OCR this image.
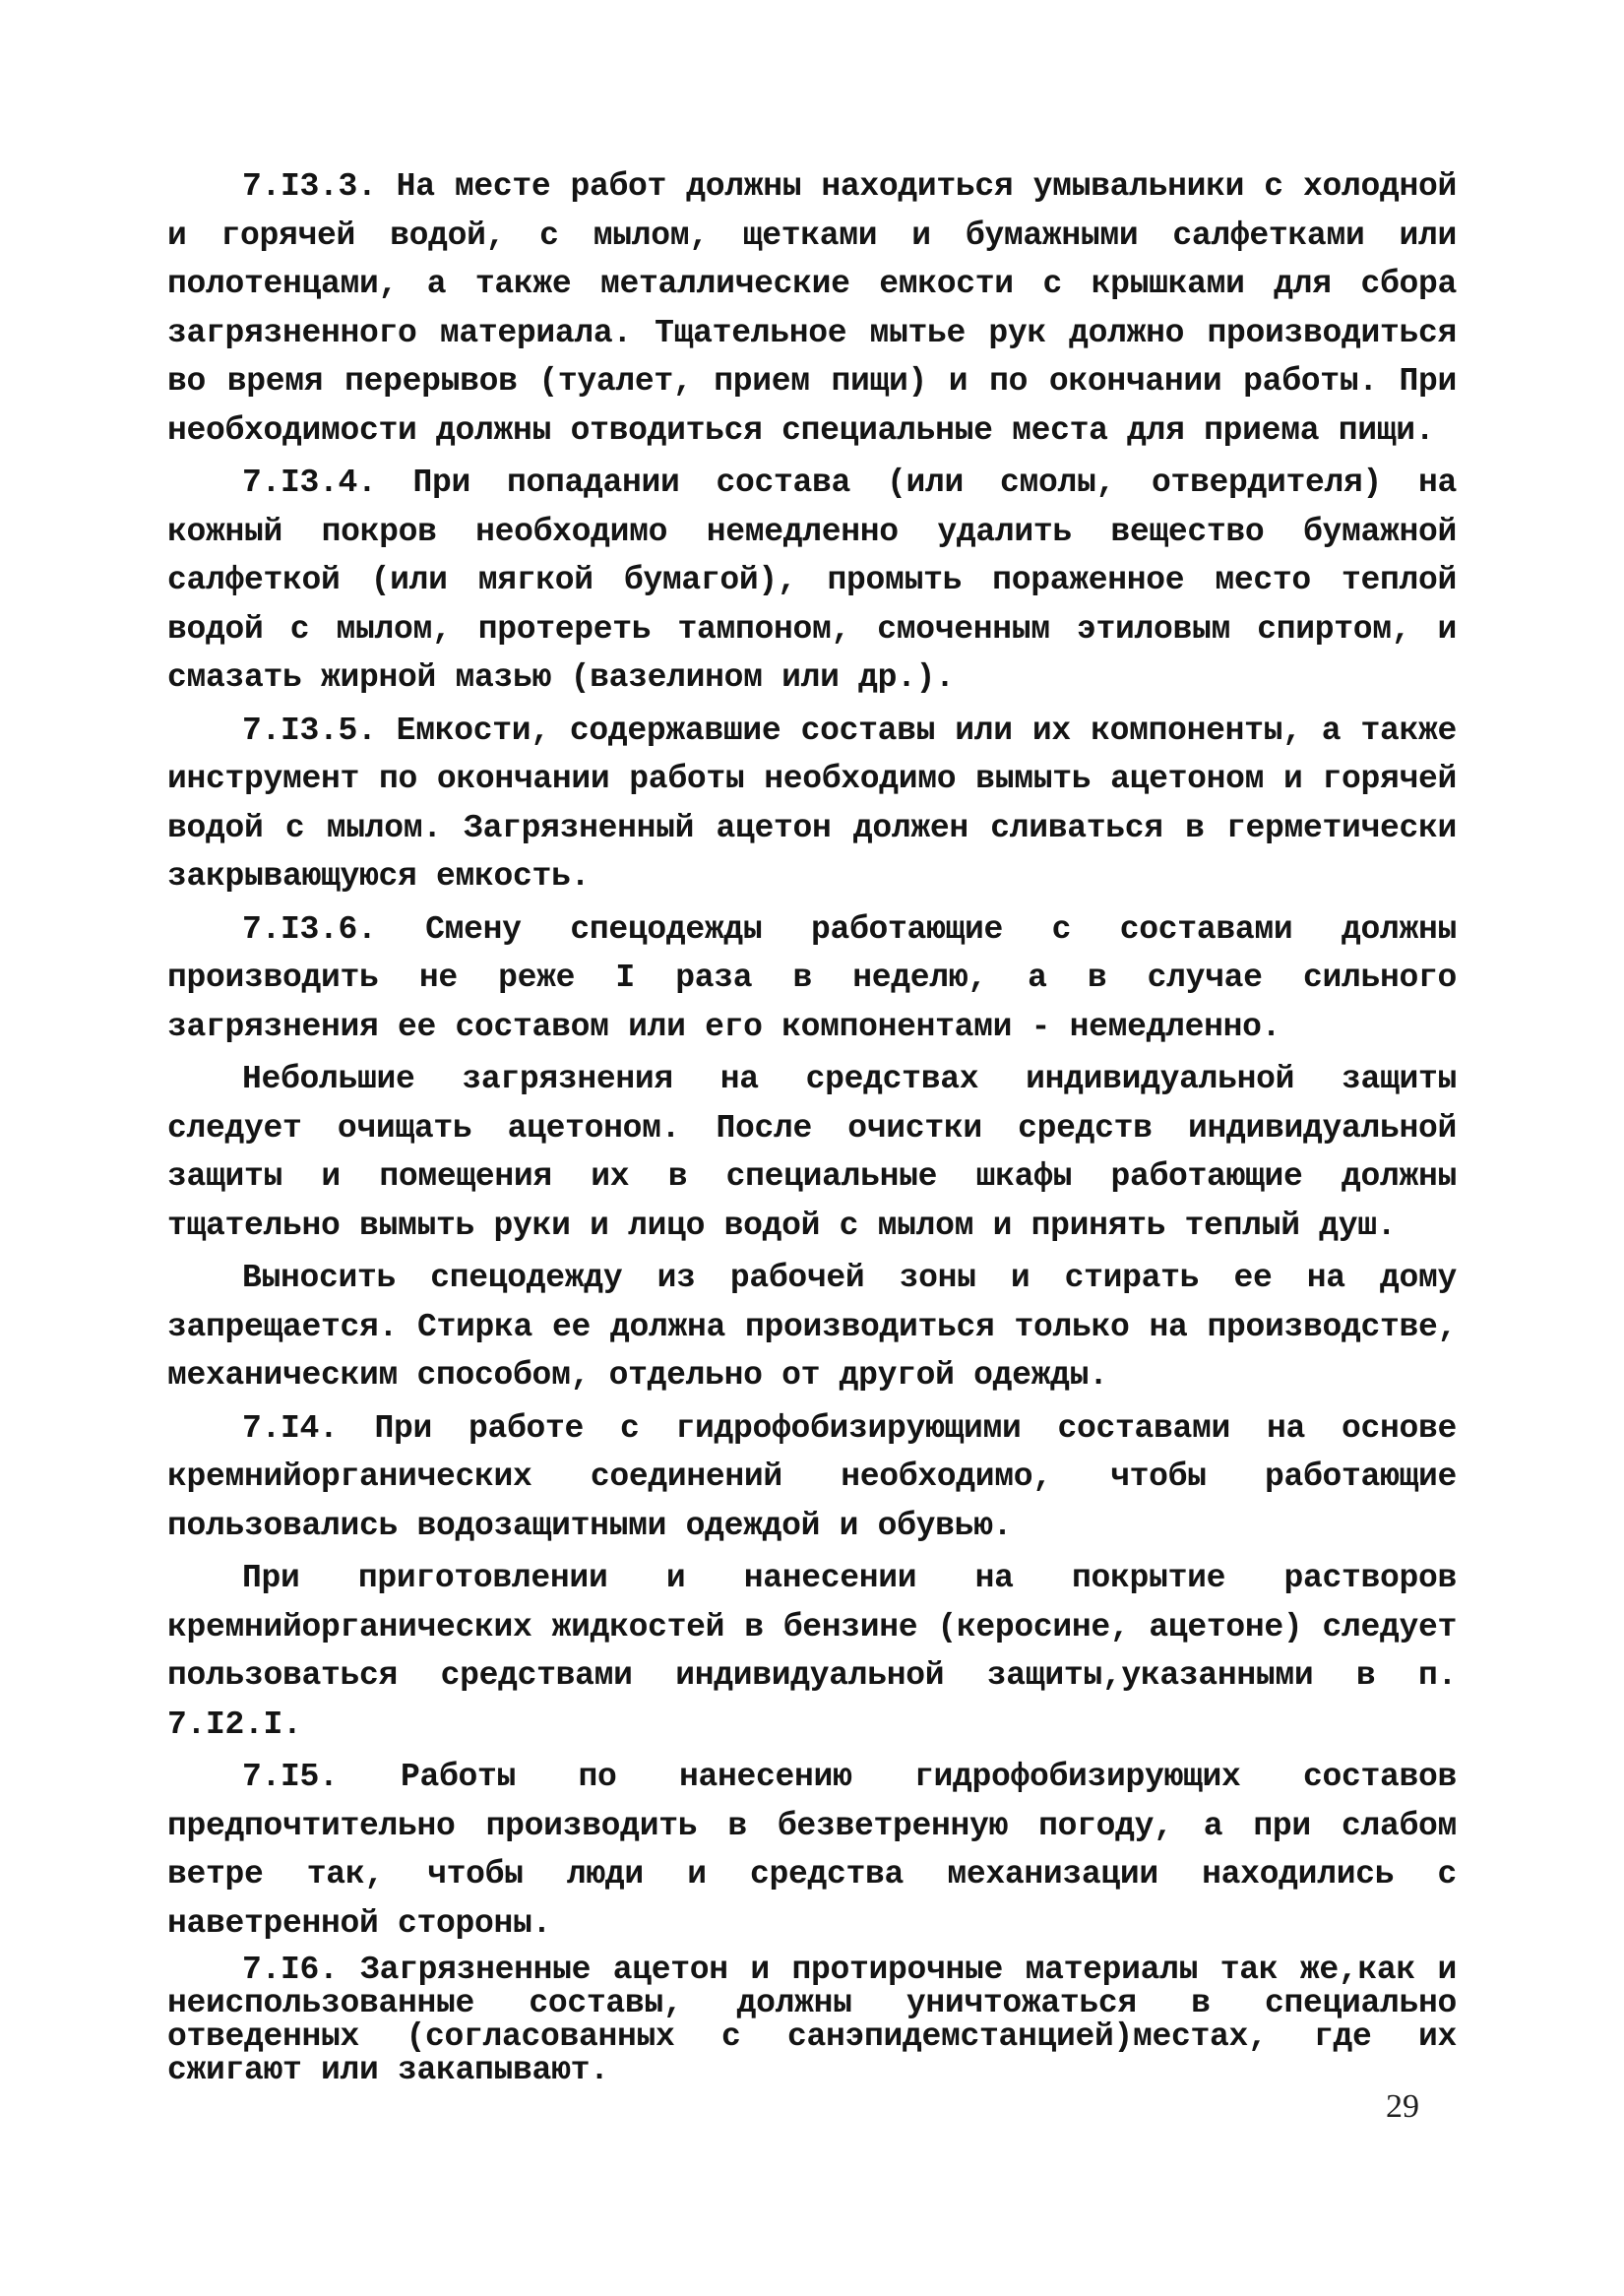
7.I3.3. На месте работ должны находиться умывальники с холодной и горячей водой, с мылом, щетками и бумажными салфетками или полотенцами, а также металлические емкости с крышками для сбора загрязненного материала. Тщательное мытье рук должно производиться во время перерывов (туалет, прием пищи) и по окончании работы. При необходимости должны отводиться специальные места для приема пищи.

7.I3.4. При попадании состава (или смолы, отвердителя) на кожный покров необходимо немедленно удалить вещество бумажной салфеткой (или мягкой бумагой), промыть пораженное место теплой водой с мылом, протереть тампоном, смоченным этиловым спиртом, и смазать жирной мазью (вазелином или др.).

7.I3.5. Емкости, содержавшие составы или их компоненты, а также инструмент по окончании работы необходимо вымыть ацетоном и горячей водой с мылом. Загрязненный ацетон должен сливаться в герметически закрывающуюся емкость.

7.I3.6. Смену спецодежды работающие с составами должны производить не реже I раза в неделю, а в случае сильного загрязнения ее составом или его компонентами - немедленно.

Небольшие загрязнения на средствах индивидуальной защиты следует очищать ацетоном. После очистки средств индивидуальной защиты и помещения их в специальные шкафы работающие должны тщательно вымыть руки и лицо водой с мылом и принять теплый душ.

Выносить спецодежду из рабочей зоны и стирать ее на дому запрещается. Стирка ее должна производиться только на производстве, механическим способом, отдельно от другой одежды.

7.I4. При работе с гидрофобизирующими составами на основе кремнийорганических соединений необходимо, чтобы работающие пользовались водозащитными одеждой и обувью.

При приготовлении и нанесении на покрытие растворов кремнийорганических жидкостей в бензине (керосине, ацетоне) следует пользоваться средствами индивидуальной защиты,указанными в п. 7.I2.I.

7.I5. Работы по нанесению гидрофобизирующих составов предпочтительно производить в безветренную погоду, а при слабом ветре так, чтобы люди и средства механизации находились с наветренной стороны.

7.I6. Загрязненные ацетон и протирочные материалы так же,как и неиспользованные составы, должны уничтожаться в специально отведенных (согласованных с санэпидемстанцией)местах, где их сжигают или закапывают.

29
